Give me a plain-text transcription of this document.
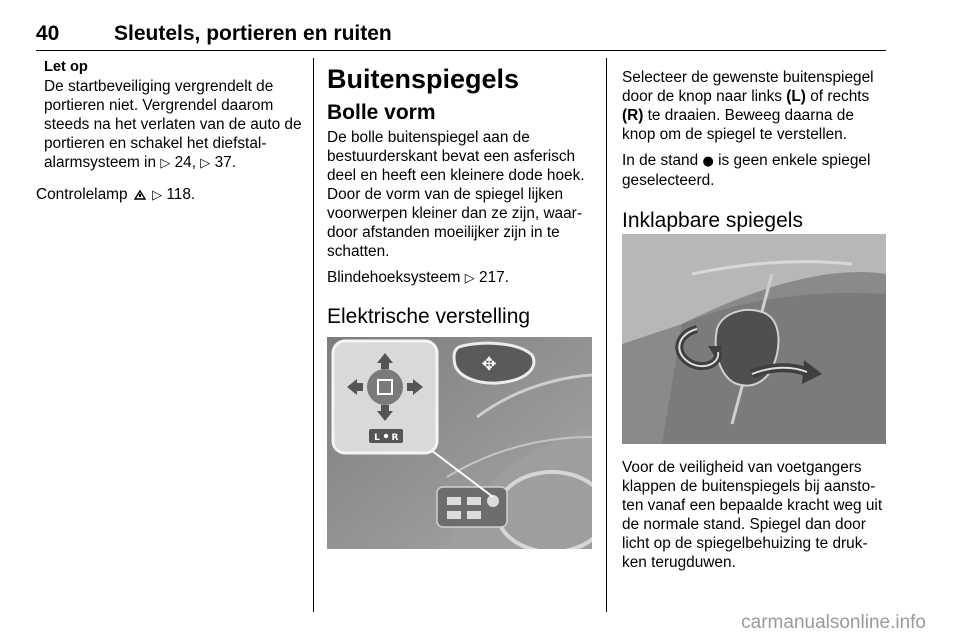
40	Sleutels, portieren en ruiten
Let op

De startbeveiliging vergrendelt de portieren niet. Vergrendel daarom steeds na het verlaten van de auto de portieren en schakel het diefstalalarmsysteem in ▷ 24, ▷ 37.

Controlelamp ▷ 118.

Buitenspiegels
Bolle vorm

De bolle buitenspiegel aan de bestuurderskant bevat een asferisch deel en heeft een kleinere dode hoek. Door de vorm van de spiegel lijken voorwerpen kleiner dan ze zijn, waardoor afstanden moeilijker zijn in te schatten.

Blindehoeksysteem ▷ 217.

Elektrische verstelling
✥
L R

Selecteer de gewenste buitenspiegel door de knop naar links (L) of rechts (R) te draaien. Beweeg daarna de knop om de spiegel te verstellen.

In de stand ● is geen enkele spiegel geselecteerd.

Inklapbare spiegels

Voor de veiligheid van voetgangers klappen de buitenspiegels bij aanstoten vanaf een bepaalde kracht weg uit de normale stand. Spiegel dan door licht op de spiegelbehuizing te drukken terugduwen.

carmanualsonline.info
